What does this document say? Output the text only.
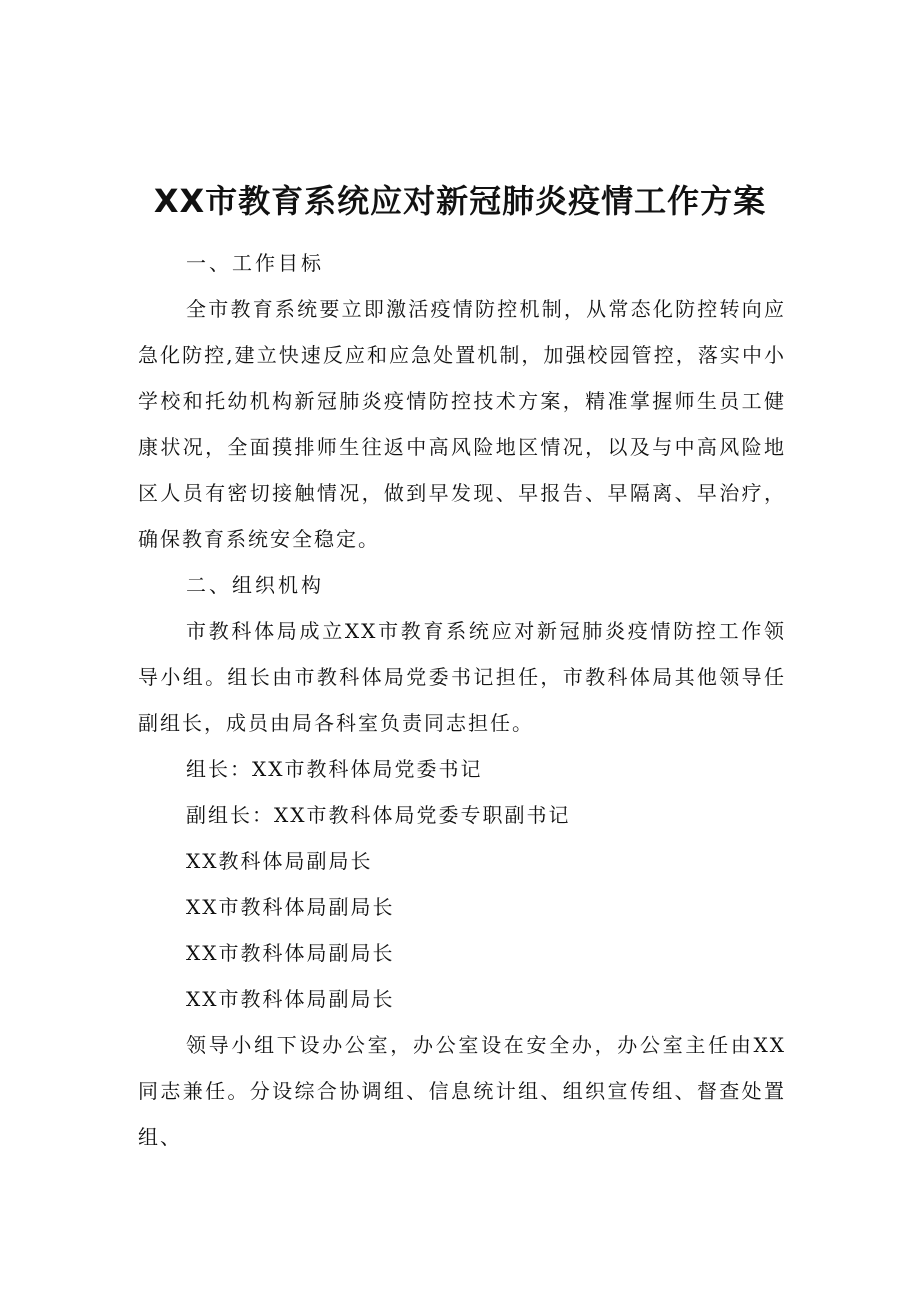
XX市教育系统应对新冠肺炎疫情工作方案

一、工作目标

全市教育系统要立即激活疫情防控机制，从常态化防控转向应急化防控,建立快速反应和应急处置机制，加强校园管控，落实中小学校和托幼机构新冠肺炎疫情防控技术方案，精准掌握师生员工健康状况，全面摸排师生往返中高风险地区情况，以及与中高风险地区人员有密切接触情况，做到早发现、早报告、早隔离、早治疗，确保教育系统安全稳定。

二、组织机构

市教科体局成立XX市教育系统应对新冠肺炎疫情防控工作领导小组。组长由市教科体局党委书记担任，市教科体局其他领导任副组长，成员由局各科室负责同志担任。

组长：XX市教科体局党委书记

副组长：XX市教科体局党委专职副书记

XX教科体局副局长

XX市教科体局副局长

XX市教科体局副局长

XX市教科体局副局长

领导小组下设办公室，办公室设在安全办，办公室主任由XX同志兼任。分设综合协调组、信息统计组、组织宣传组、督查处置组、
